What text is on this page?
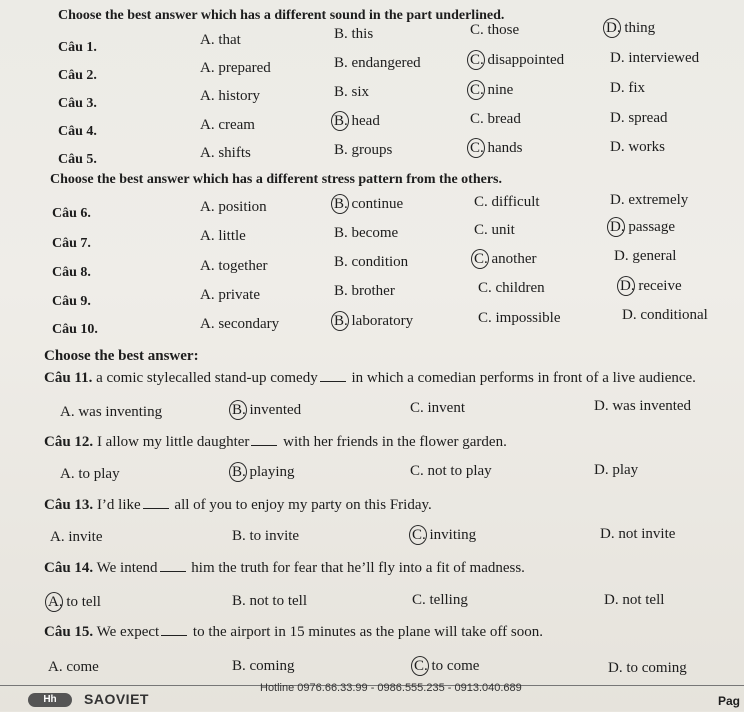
Choose the best answer which has a different sound in the part underlined.
Câu 1.	A. that	B. this	C. those	D. thing
Câu 2.	A. prepared	B. endangered	C. disappointed	D. interviewed
Câu 3.	A. history	B. six	C. nine	D. fix
Câu 4.	A. cream	B. head	C. bread	D. spread
Câu 5.	A. shifts	B. groups	C. hands	D. works
Choose the best answer which has a different stress pattern from the others.
Câu 6.	A. position	B. continue	C. difficult	D. extremely
Câu 7.	A. little	B. become	C. unit	D. passage
Câu 8.	A. together	B. condition	C. another	D. general
Câu 9.	A. private	B. brother	C. children	D. receive
Câu 10.	A. secondary	B. laboratory	C. impossible	D. conditional
Choose the best answer:
Câu 11. a comic stylecalled stand-up comedy in which a comedian performs in front of a live audience.
A. was inventing	B. invented	C. invent	D. was invented
Câu 12. I allow my little daughter with her friends in the flower garden.
A. to play	B. playing	C. not to play	D. play
Câu 13. I’d like all of you to enjoy my party on this Friday.
A. invite	B. to invite	C. inviting	D. not invite
Câu 14. We intend him the truth for fear that he’ll fly into a fit of madness.
A. to tell	B. not to tell	C. telling	D. not tell
Câu 15. We expect to the airport in 15 minutes as the plane will take off soon.
A. come	B. coming	C. to come	D. to coming
Hh	SAOVIET
Hotline 0976.66.33.99 - 0986.555.235 - 0913.040.689
Pag
